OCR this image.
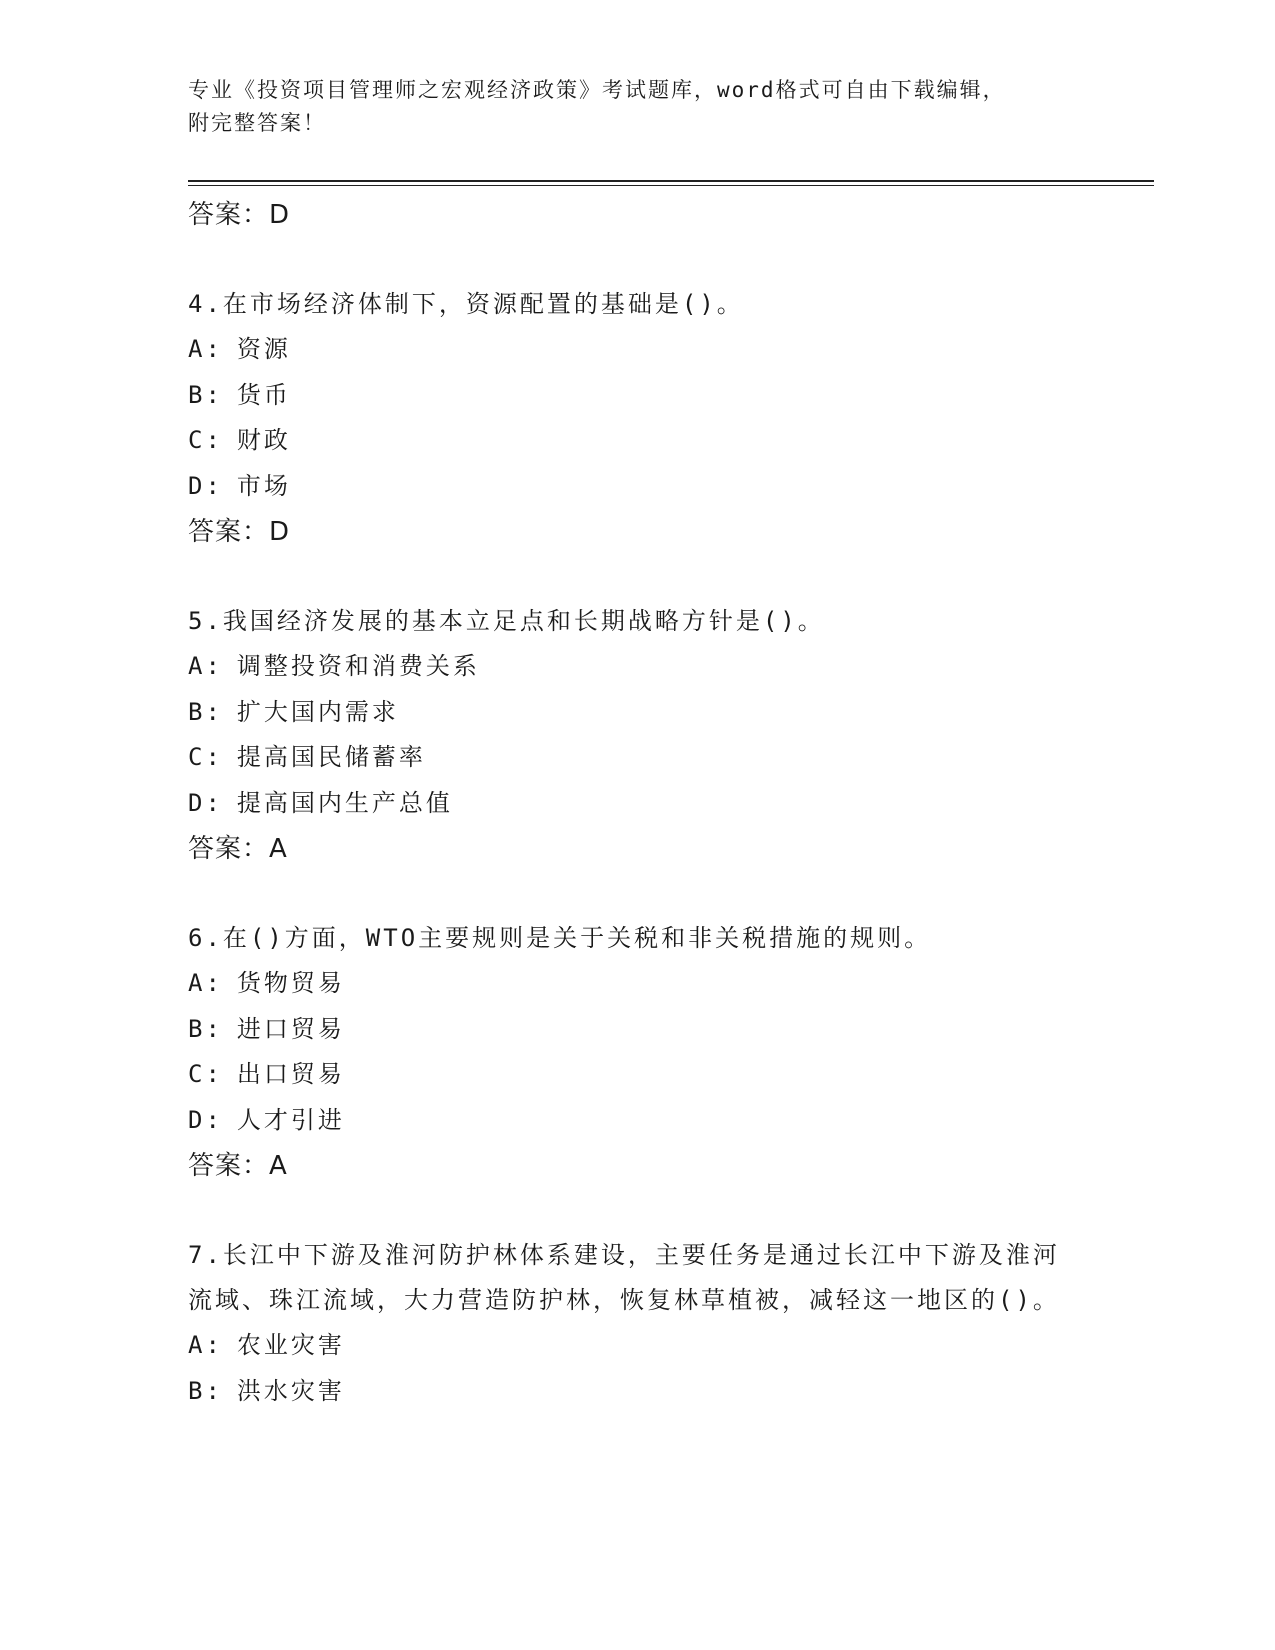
专业《投资项目管理师之宏观经济政策》考试题库，word格式可自由下载编辑，
附完整答案！

答案：D

4.在市场经济体制下，资源配置的基础是()。

A: 资源

B: 货币

C: 财政

D: 市场

答案：D

5.我国经济发展的基本立足点和长期战略方针是()。

A: 调整投资和消费关系

B: 扩大国内需求

C: 提高国民储蓄率

D: 提高国内生产总值

答案：A

6.在()方面，WTO主要规则是关于关税和非关税措施的规则。

A: 货物贸易

B: 进口贸易

C: 出口贸易

D: 人才引进

答案：A

7.长江中下游及淮河防护林体系建设，主要任务是通过长江中下游及淮河流域、珠江流域，大力营造防护林，恢复林草植被，减轻这一地区的()。

A: 农业灾害

B: 洪水灾害
